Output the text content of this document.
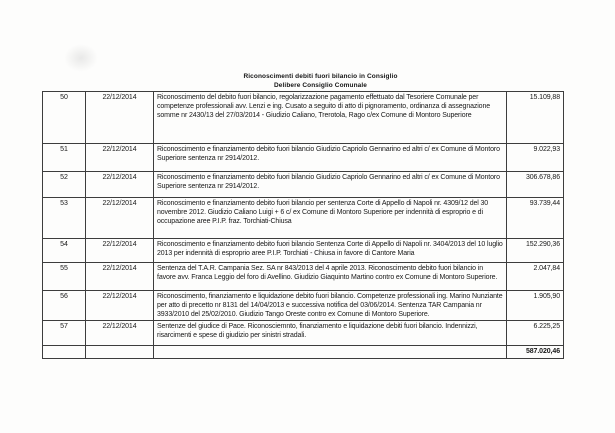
Riconoscimenti debiti fuori bilancio in Consiglio
Delibere Consiglio Comunale
50	22/12/2014	Riconoscimento del debito fuori bilancio, regolarizzazione pagamento effettuato dal Tesoriere Comunale per competenze professionali avv. Lenzi e ing. Cusato a seguito di atto di pignoramento, ordinanza di assegnazione somme nr 2430/13 del 27/03/2014 - Giudizio Caliano, Trerotola, Rago c/ex Comune di Montoro Superiore	15.109,88
51	22/12/2014	Riconoscimento e finanziamento debito fuori bilancio Giudizio Capriolo Gennarino ed altri c/ ex Comune di Montoro Superiore sentenza nr 2914/2012.	9.022,93
52	22/12/2014	Riconoscimento e finanziamento debito fuori bilancio Giudizio Capriolo Gennarino ed altri c/ ex Comune di Montoro Superiore sentenza nr 2914/2012.	306.678,86
53	22/12/2014	Riconoscimento e finanziamento debito fuori bilancio per sentenza Corte di Appello di Napoli nr. 4309/12 del 30 novembre 2012. Giudizio Caliano Luigi + 6 c/ ex Comune di Montoro Superiore per indennità di esproprio e di occupazione aree P.I.P. fraz. Torchiati-Chiusa	93.739,44
54	22/12/2014	Riconoscimento e finanziamento debito fuori bilancio Sentenza Corte di Appello di Napoli nr. 3404/2013 del 10 luglio 2013 per indennità di esproprio aree P.I.P. Torchiati - Chiusa in favore di Cantore Maria	152.290,36
55	22/12/2014	Sentenza del T.A.R. Campania Sez. SA nr 843/2013 del 4 aprile 2013. Riconoscimento debito fuori bilancio in favore avv. Franca Leggio del foro di Avellino. Giudizio Giaquinto Martino contro ex Comune di Montoro Superiore.	2.047,84
56	22/12/2014	Riconoscimento, finanziamento e liquidazione debito fuori bilancio. Competenze professionali ing. Marino Nunziante per atto di precetto nr 8131 del 14/04/2013 e successiva notifica del 03/06/2014. Sentenza TAR Campania nr 3933/2010 del 25/02/2010. Giudizio Tango Oreste contro ex Comune di Montoro Superiore.	1.905,90
57	22/12/2014	Sentenze del giudice di Pace. Riconosciemnto, finanziamento e liquidazione debiti fuori bilancio. Indennizzi, risarcimenti e spese di giudizio per sinistri stradali.	6.225,25
			587.020,46
